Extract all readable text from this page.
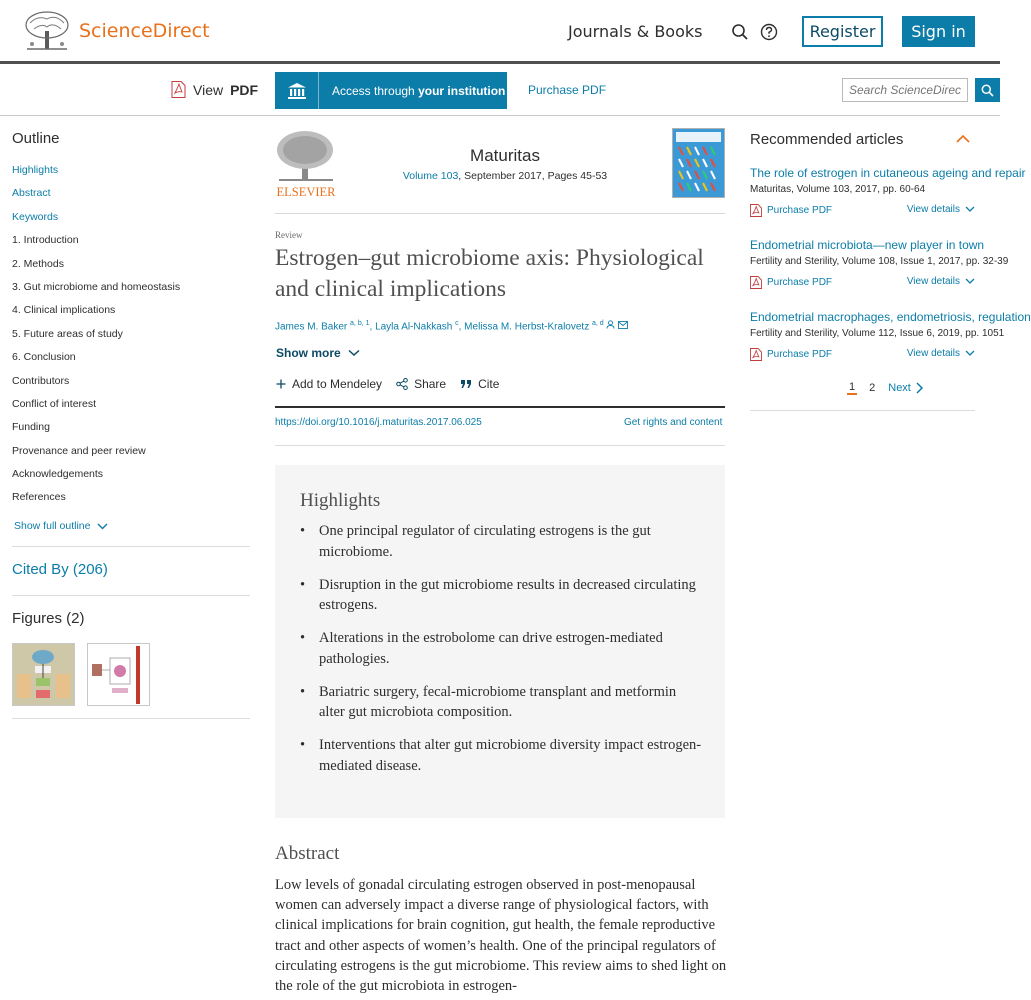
ScienceDirect	Journals & Books	Register	Sign in
View PDF	Access through your institution Purchase PDF
Search ScienceDirect
Outline
Highlights
Abstract
Keywords
1. Introduction
2. Methods
3. Gut microbiome and homeostasis
4. Clinical implications
5. Future areas of study
6. Conclusion
Contributors
Conflict of interest
Funding
Provenance and peer review
Acknowledgements
References
Show full outline
Cited By (206)
Figures (2)
ELSEVIER
Maturitas
Volume 103, September 2017, Pages 45-53
Review
Estrogen–gut microbiome axis: Physiological and clinical implications
James M. Baker $^{a, b, 1}$, Layla Al-Nakkash $^c$, Melissa M. Herbst-Kralovetz $^{a, d}$
Show more
Add to Mendeley	Share	Cite
https://doi.org/10.1016/j.maturitas.2017.06.025	Get rights and content
Highlights
• One principal regulator of circulating estrogens is the gut microbiome.
• Disruption in the gut microbiome results in decreased circulating estrogens.
• Alterations in the estrobolome can drive estrogen-mediated pathologies.
• Bariatric surgery, fecal-microbiome transplant and metformin alter gut microbiota composition.
• Interventions that alter gut microbiome diversity impact estrogen-mediated disease.
Abstract

Low levels of gonadal circulating estrogen observed in post-menopausal women can adversely impact a diverse range of physiological factors, with clinical implications for brain cognition, gut health, the female reproductive tract and other aspects of women’s health. One of the principal regulators of circulating estrogens is the gut microbiome. This review aims to shed light on the role of the gut microbiota in estrogen-

Recommended articles
The role of estrogen in cutaneous ageing and repair
Maturitas, Volume 103, 2017, pp. 60-64
Purchase PDF	View details
Endometrial microbiota—new player in town
Fertility and Sterility, Volume 108, Issue 1, 2017, pp. 32-39
Purchase PDF	View details
Endometrial macrophages, endometriosis, regulation
Fertility and Sterility, Volume 112, Issue 6, 2019, pp. 1051
Purchase PDF	View details
1 2 Next
